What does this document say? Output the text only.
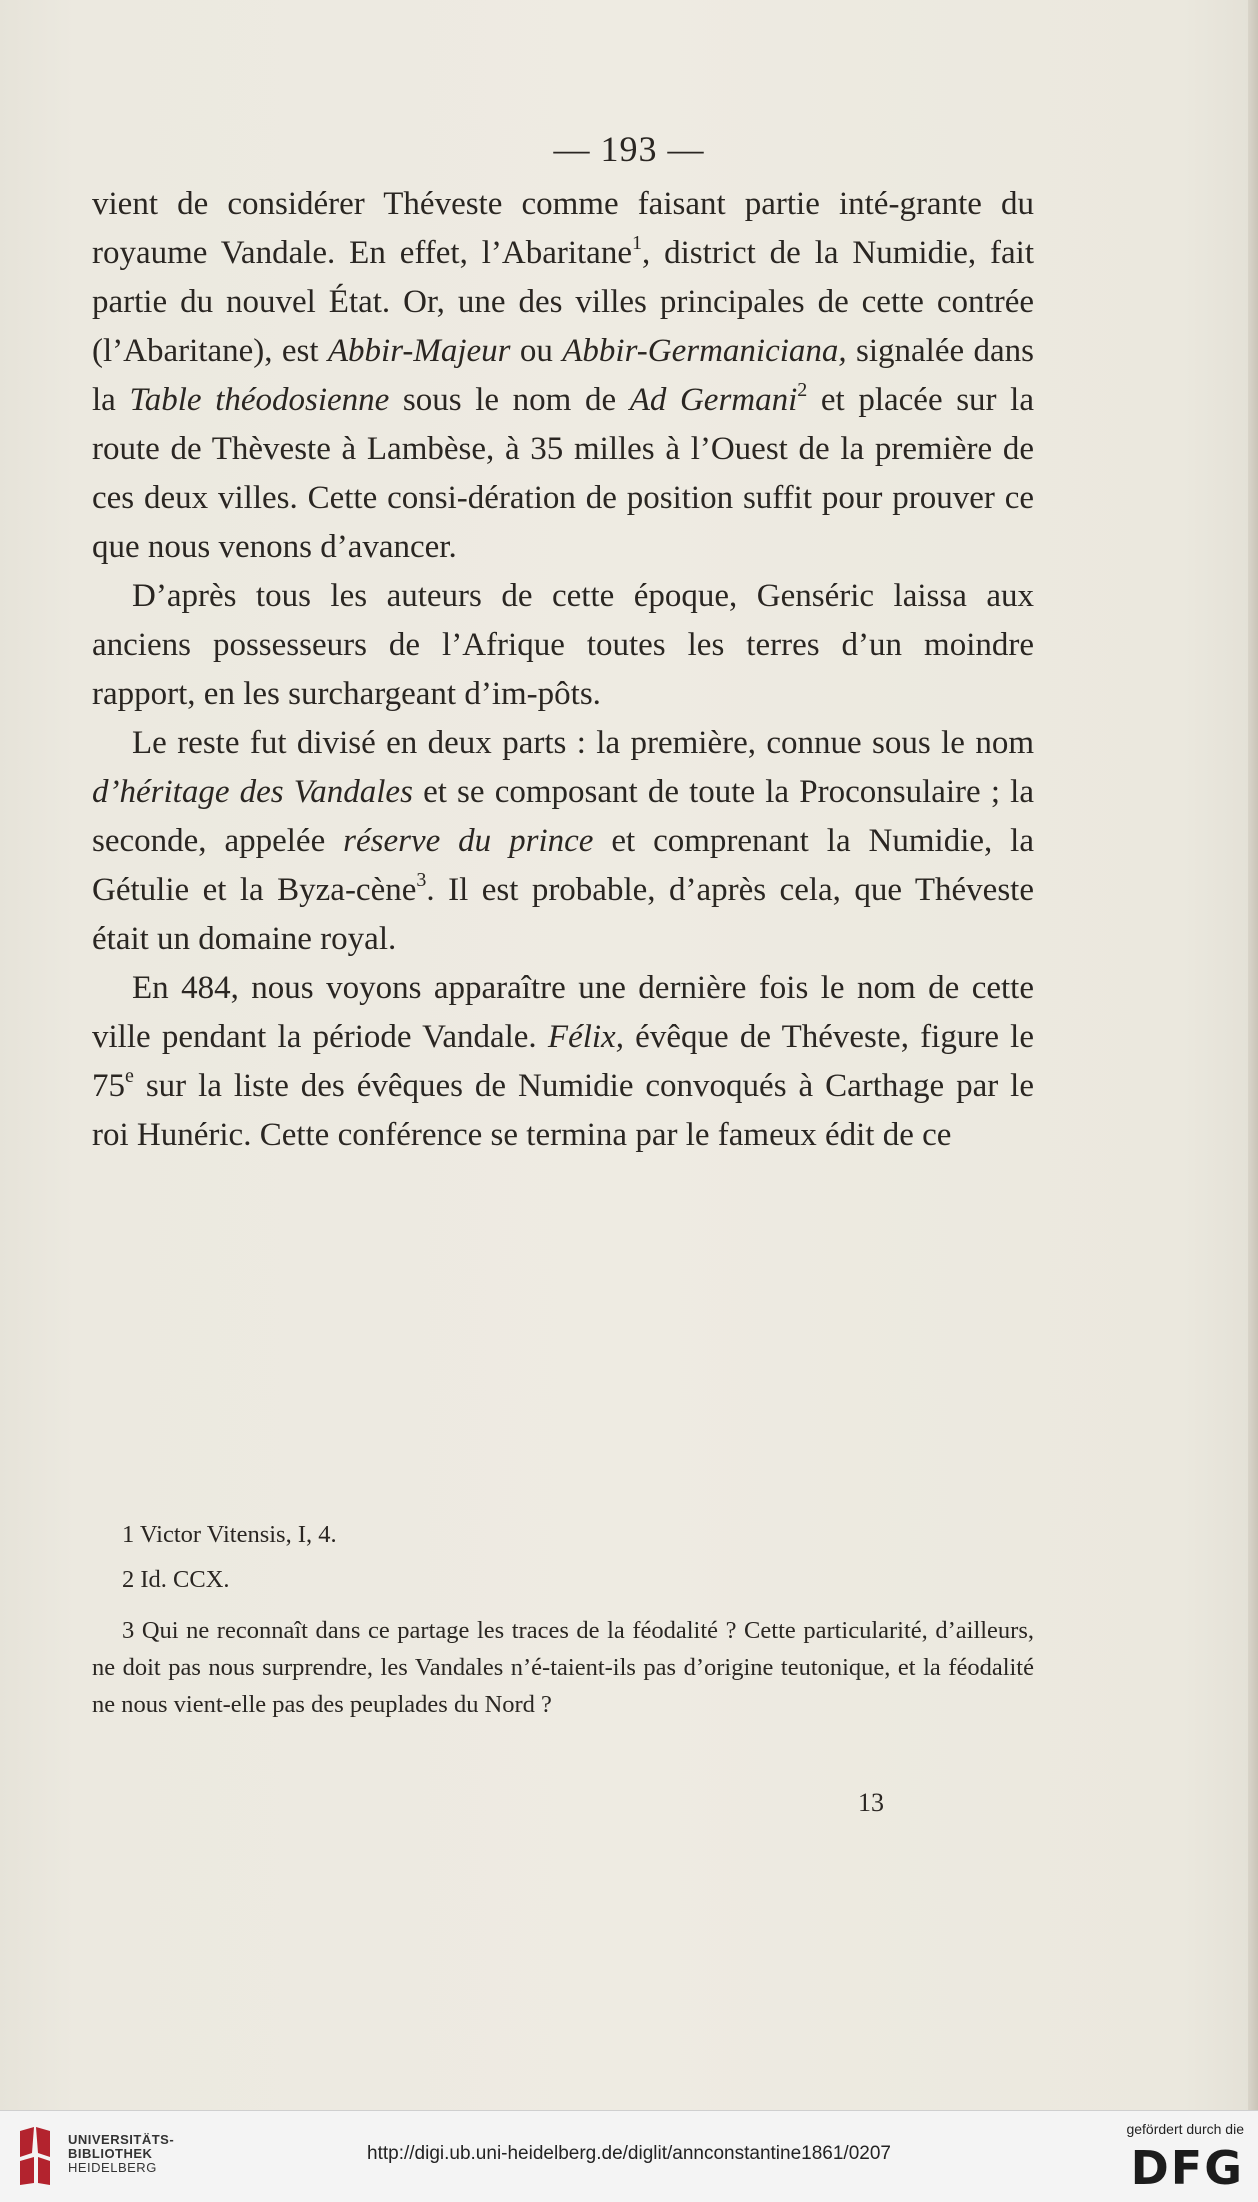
— 193 —

vient de considérer Théveste comme faisant partie inté-grante du royaume Vandale. En effet, l’Abaritane$^1$, district de la Numidie, fait partie du nouvel État. Or, une des villes principales de cette contrée (l’Abaritane), est Abbir-Majeur ou Abbir-Germaniciana, signalée dans la Table théodosienne sous le nom de Ad Germani$^2$ et placée sur la route de Thèveste à Lambèse, à 35 milles à l’Ouest de la première de ces deux villes. Cette consi-dération de position suffit pour prouver ce que nous venons d’avancer.

D’après tous les auteurs de cette époque, Genséric laissa aux anciens possesseurs de l’Afrique toutes les terres d’un moindre rapport, en les surchargeant d’im-pôts.

Le reste fut divisé en deux parts : la première, connue sous le nom d’héritage des Vandales et se composant de toute la Proconsulaire ; la seconde, appelée réserve du prince et comprenant la Numidie, la Gétulie et la Byza-cène$^3$. Il est probable, d’après cela, que Théveste était un domaine royal.

En 484, nous voyons apparaître une dernière fois le nom de cette ville pendant la période Vandale. Félix, évêque de Théveste, figure le 75e sur la liste des évêques de Numidie convoqués à Carthage par le roi Hunéric. Cette conférence se termina par le fameux édit de ce

1 Victor Vitensis, I, 4.

2 Id. CCX.

3 Qui ne reconnaît dans ce partage les traces de la féodalité ? Cette particularité, d’ailleurs, ne doit pas nous surprendre, les Vandales n’é-taient-ils pas d’origine teutonique, et la féodalité ne nous vient-elle pas des peuplades du Nord ?

13
UNIVERSITÄTS-
BIBLIOTHEK
HEIDELBERG
http://digi.ub.uni-heidelberg.de/diglit/annconstantine1861/0207
gefördert durch die
DFG
